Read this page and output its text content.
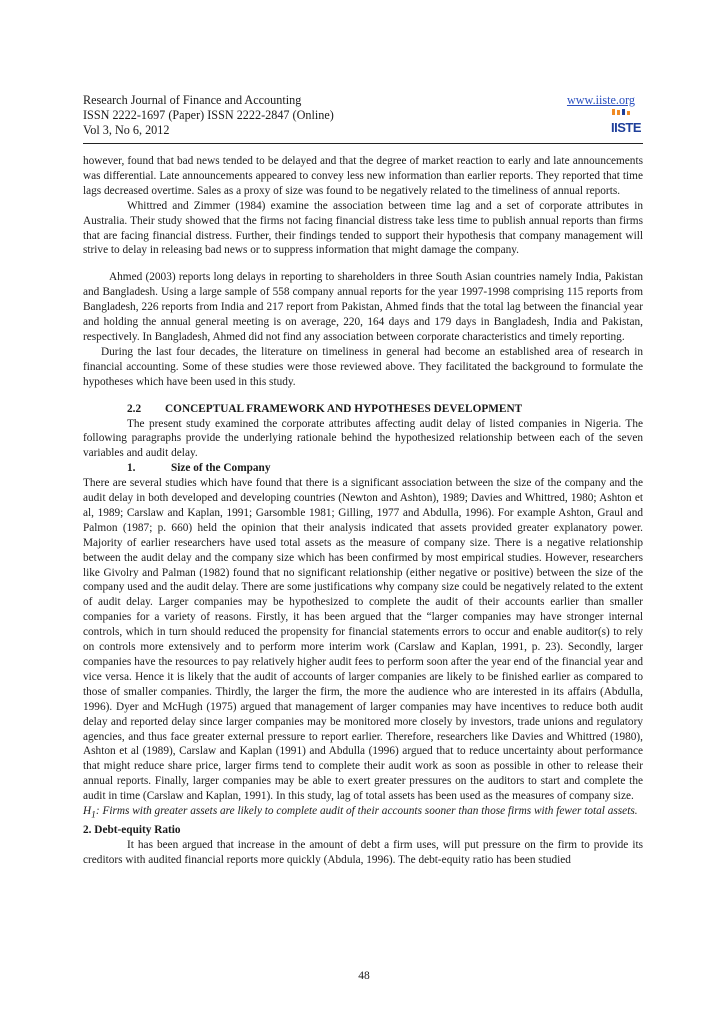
Research Journal of Finance and Accounting
ISSN 2222-1697 (Paper) ISSN 2222-2847 (Online)
Vol 3, No 6, 2012
www.iiste.org
IISTE

however, found that bad news tended to be delayed and that the degree of market reaction to early and late announcements was differential. Late announcements appeared to convey less new information than earlier reports. They reported that time lags decreased overtime. Sales as a proxy of size was found to be negatively related to the timeliness of annual reports.

Whittred and Zimmer (1984) examine the association between time lag and a set of corporate attributes in Australia. Their study showed that the firms not facing financial distress take less time to publish annual reports than firms that are facing financial distress. Further, their findings tended to support their hypothesis that company management will strive to delay in releasing bad news or to suppress information that might damage the company.

Ahmed (2003) reports long delays in reporting to shareholders in three South Asian countries namely India, Pakistan and Bangladesh. Using a large sample of 558 company annual reports for the year 1997-1998 comprising 115 reports from Bangladesh, 226 reports from India and 217 report from Pakistan, Ahmed finds that the total lag between the financial year and holding the annual general meeting is on average, 220, 164 days and 179 days in Bangladesh, India and Pakistan, respectively. In Bangladesh, Ahmed did not find any association between corporate characteristics and timely reporting.

During the last four decades, the literature on timeliness in general had become an established area of research in financial accounting. Some of these studies were those reviewed above. They facilitated the background to formulate the hypotheses which have been used in this study.

2.2 CONCEPTUAL FRAMEWORK AND HYPOTHESES DEVELOPMENT

The present study examined the corporate attributes affecting audit delay of listed companies in Nigeria. The following paragraphs provide the underlying rationale behind the hypothesized relationship between each of the seven variables and audit delay.

1.	Size of the Company

There are several studies which have found that there is a significant association between the size of the company and the audit delay in both developed and developing countries (Newton and Ashton), 1989; Davies and Whittred, 1980; Ashton et al, 1989; Carslaw and Kaplan, 1991; Garsomble 1981; Gilling, 1977 and Abdulla, 1996). For example Ashton, Graul and Palmon (1987; p. 660) held the opinion that their analysis indicated that assets provided greater explanatory power. Majority of earlier researchers have used total assets as the measure of company size. There is a negative relationship between the audit delay and the company size which has been confirmed by most empirical studies. However, researchers like Givolry and Palman (1982) found that no significant relationship (either negative or positive) between the size of the company used and the audit delay. There are some justifications why company size could be negatively related to the extent of audit delay. Larger companies may be hypothesized to complete the audit of their accounts earlier than smaller companies for a variety of reasons. Firstly, it has been argued that the “larger companies may have stronger internal controls, which in turn should reduced the propensity for financial statements errors to occur and enable auditor(s) to rely on controls more extensively and to perform more interim work (Carslaw and Kaplan, 1991, p. 23). Secondly, larger companies have the resources to pay relatively higher audit fees to perform soon after the year end of the financial year and vice versa. Hence it is likely that the audit of accounts of larger companies are likely to be finished earlier as compared to those of smaller companies. Thirdly, the larger the firm, the more the audience who are interested in its affairs (Abdulla, 1996). Dyer and McHugh (1975) argued that management of larger companies may have incentives to reduce both audit delay and reported delay since larger companies may be monitored more closely by investors, trade unions and regulatory agencies, and thus face greater external pressure to report earlier. Therefore, researchers like Davies and Whittred (1980), Ashton et al (1989), Carslaw and Kaplan (1991) and Abdulla (1996) argued that to reduce uncertainty about performance that might reduce share price, larger firms tend to complete their audit work as soon as possible in other to release their annual reports. Finally, larger companies may be able to exert greater pressures on the auditors to start and complete the audit in time (Carslaw and Kaplan, 1991). In this study, lag of total assets has been used as the measures of company size.

$H_1$: Firms with greater assets are likely to complete audit of their accounts sooner than those firms with fewer total assets.

2. Debt-equity Ratio

It has been argued that increase in the amount of debt a firm uses, will put pressure on the firm to provide its creditors with audited financial reports more quickly (Abdula, 1996). The debt-equity ratio has been studied

48
